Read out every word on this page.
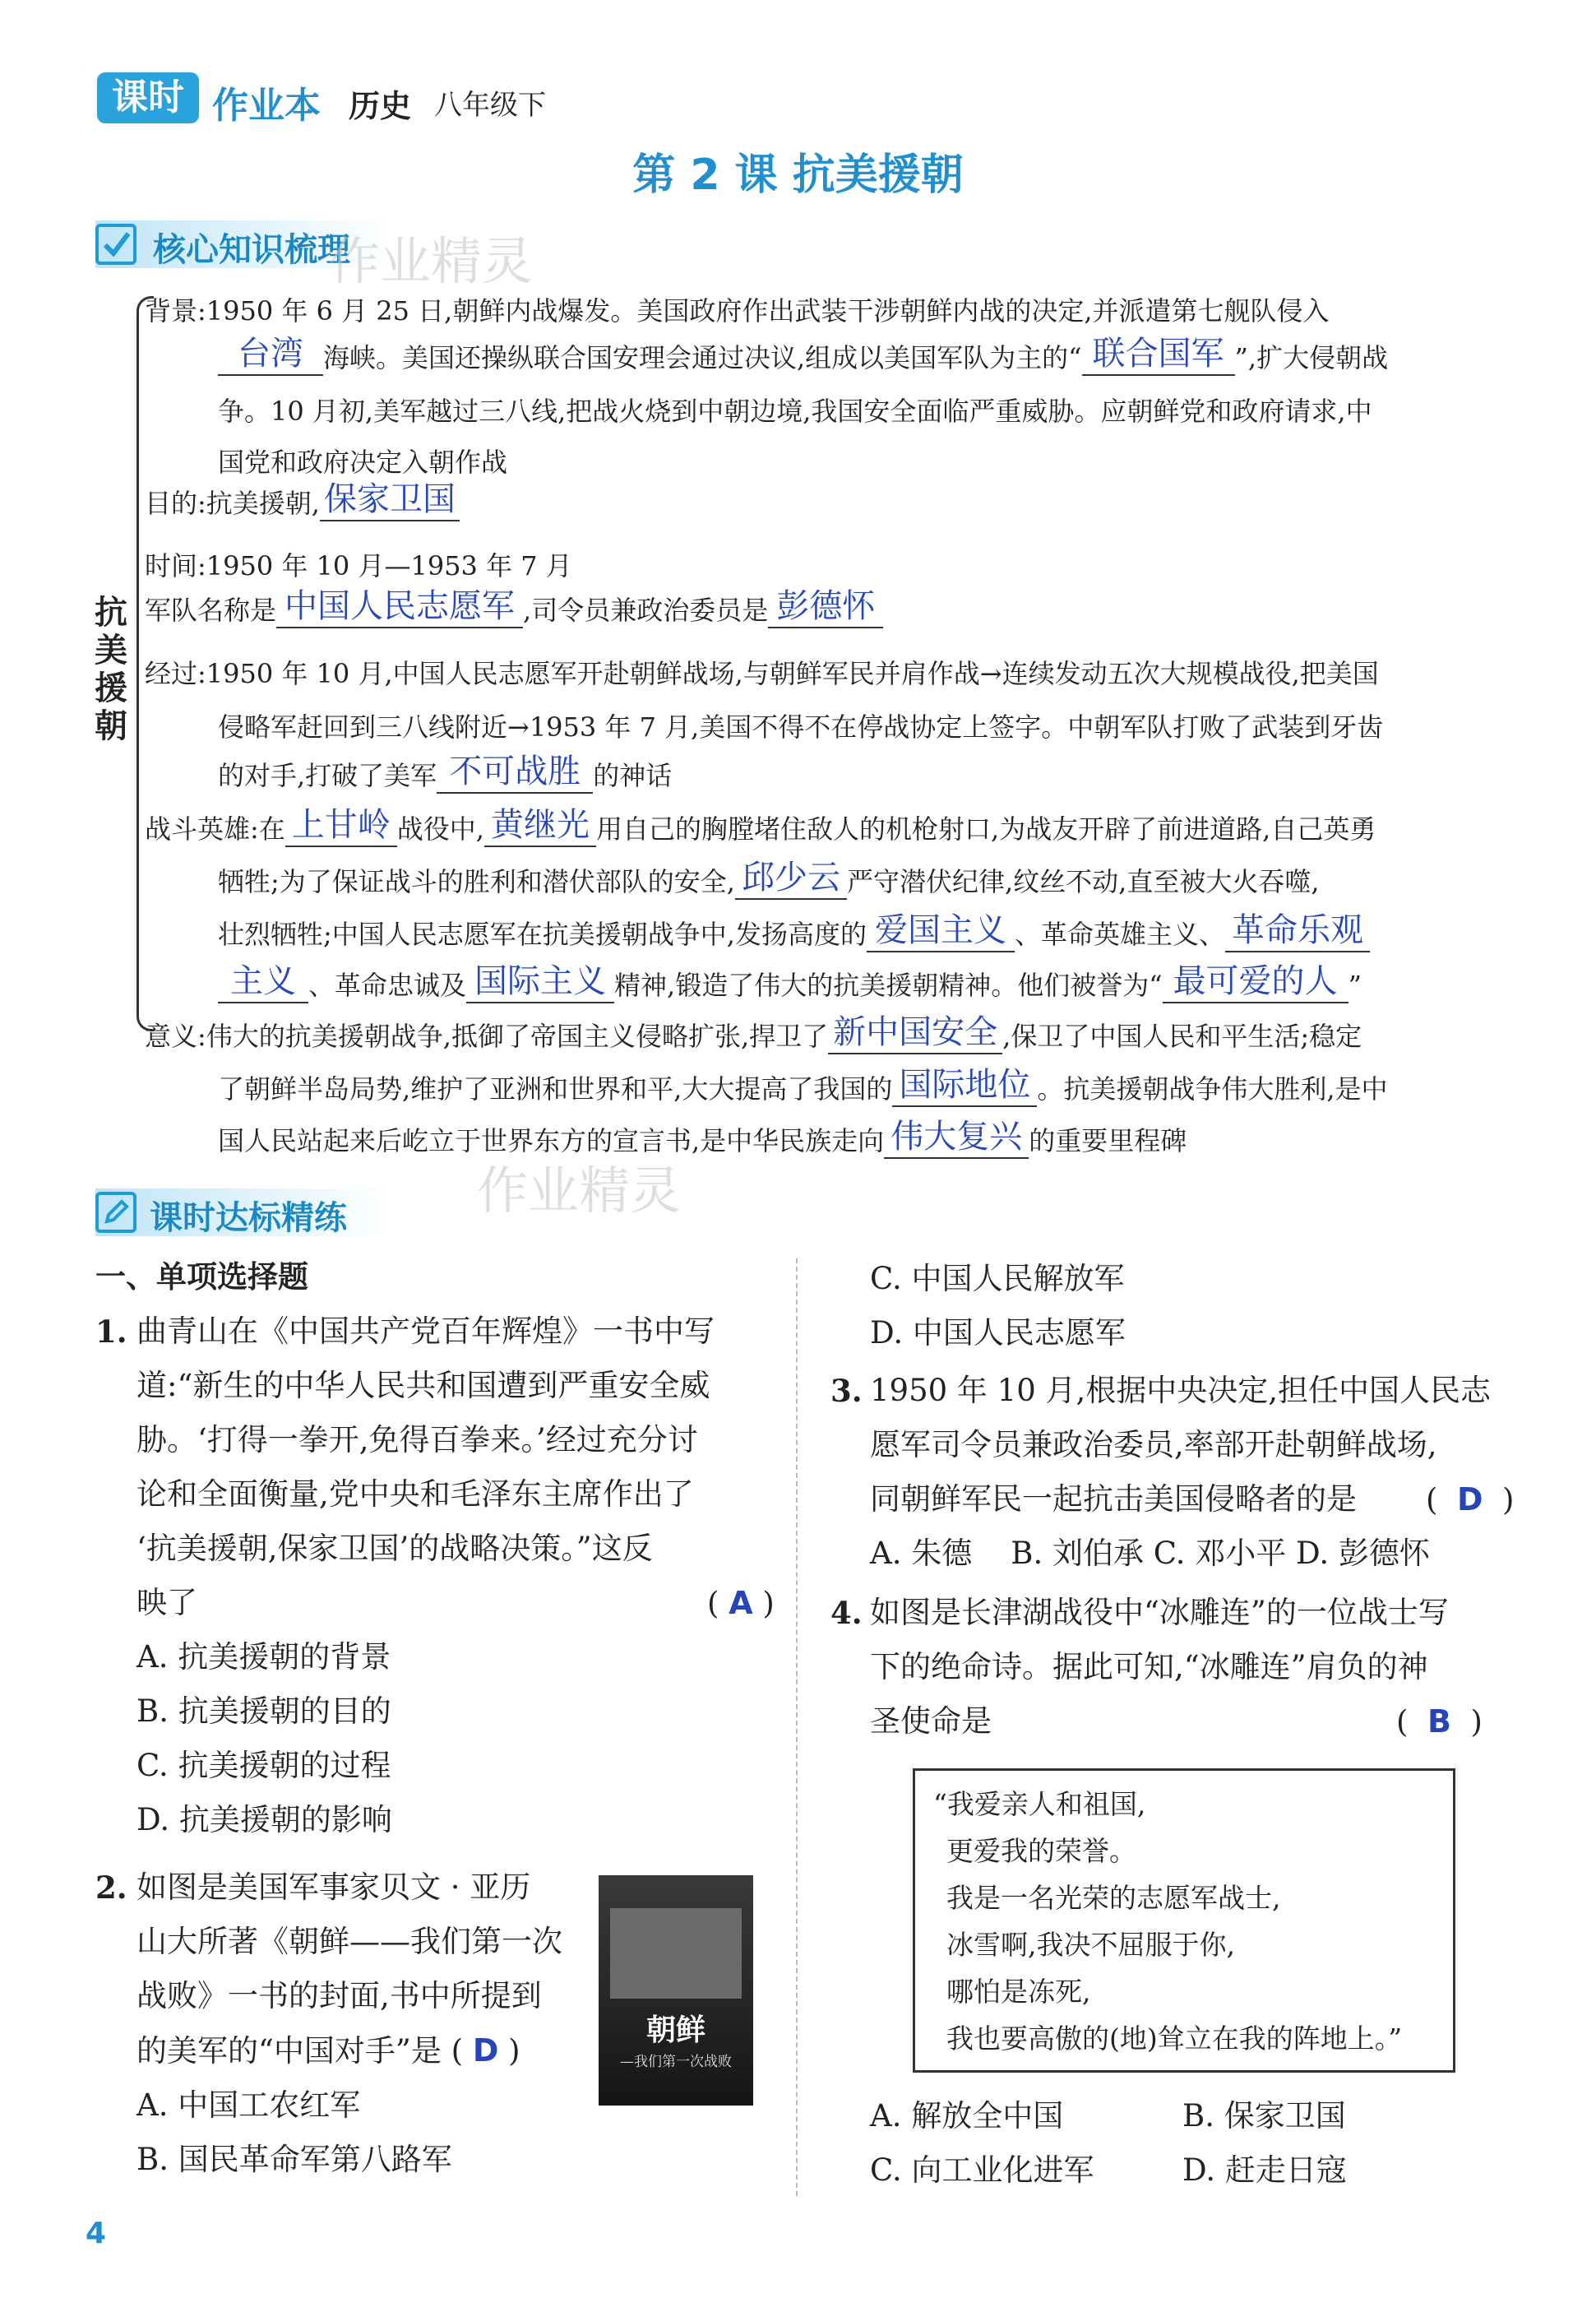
课时 作业本 历史 八年级下
第 2 课 抗美援朝
核心知识梳理
作业精灵
抗
美
援
朝
背景:1950 年 6 月 25 日,朝鲜内战爆发。美国政府作出武装干涉朝鲜内战的决定,并派遣第七舰队侵入
台湾 海峡。美国还操纵联合国安理会通过决议,组成以美国军队为主的“ 联合国军 ”,扩大侵朝战
争。10 月初,美军越过三八线,把战火烧到中朝边境,我国安全面临严重威胁。应朝鲜党和政府请求,中
国党和政府决定入朝作战
目的:抗美援朝, 保家卫国
时间:1950 年 10 月—1953 年 7 月
军队名称是 中国人民志愿军 ,司令员兼政治委员是 彭德怀
经过:1950 年 10 月,中国人民志愿军开赴朝鲜战场,与朝鲜军民并肩作战→连续发动五次大规模战役,把美国
侵略军赶回到三八线附近→1953 年 7 月,美国不得不在停战协定上签字。中朝军队打败了武装到牙齿
的对手,打破了美军 不可战胜 的神话
战斗英雄:在 上甘岭 战役中, 黄继光 用自己的胸膛堵住敌人的机枪射口,为战友开辟了前进道路,自己英勇
牺牲;为了保证战斗的胜利和潜伏部队的安全, 邱少云 严守潜伏纪律,纹丝不动,直至被大火吞噬,
壮烈牺牲;中国人民志愿军在抗美援朝战争中,发扬高度的 爱国主义 、革命英雄主义、 革命乐观
主义 、革命忠诚及 国际主义 精神,锻造了伟大的抗美援朝精神。他们被誉为“ 最可爱的人 ”
意义:伟大的抗美援朝战争,抵御了帝国主义侵略扩张,捍卫了 新中国安全 ,保卫了中国人民和平生活;稳定
了朝鲜半岛局势,维护了亚洲和世界和平,大大提高了我国的 国际地位 。抗美援朝战争伟大胜利,是中
国人民站起来后屹立于世界东方的宣言书,是中华民族走向 伟大复兴 的重要里程碑
课时达标精练	作业精灵
一、单项选择题
1. 曲青山在《中国共产党百年辉煌》一书中写
道:“新生的中华人民共和国遭到严重安全威
胁。‘打得一拳开,免得百拳来。’经过充分讨
论和全面衡量,党中央和毛泽东主席作出了
‘抗美援朝,保家卫国’的战略决策。”这反
映了	( A )
A. 抗美援朝的背景
B. 抗美援朝的目的
C. 抗美援朝的过程
D. 抗美援朝的影响
2. 如图是美国军事家贝文 · 亚历
山大所著《朝鲜——我们第一次
战败》一书的封面,书中所提到
的美军的“中国对手”是 ( D )
A. 中国工农红军
B. 国民革命军第八路军
朝鲜
—我们第一次战败
C. 中国人民解放军
D. 中国人民志愿军
3. 1950 年 10 月,根据中央决定,担任中国人民志
愿军司令员兼政治委员,率部开赴朝鲜战场,
同朝鲜军民一起抗击美国侵略者的是 (  D  )
A. 朱德    B. 刘伯承 C. 邓小平 D. 彭德怀
4. 如图是长津湖战役中“冰雕连”的一位战士写
下的绝命诗。据此可知,“冰雕连”肩负的神
圣使命是	(  B  )
“我爱亲人和祖国,
更爱我的荣誉。
我是一名光荣的志愿军战士,
冰雪啊,我决不屈服于你,
哪怕是冻死,
我也要高傲的(地)耸立在我的阵地上。”
A. 解放全中国	B. 保家卫国
C. 向工业化进军	D. 赶走日寇
4
